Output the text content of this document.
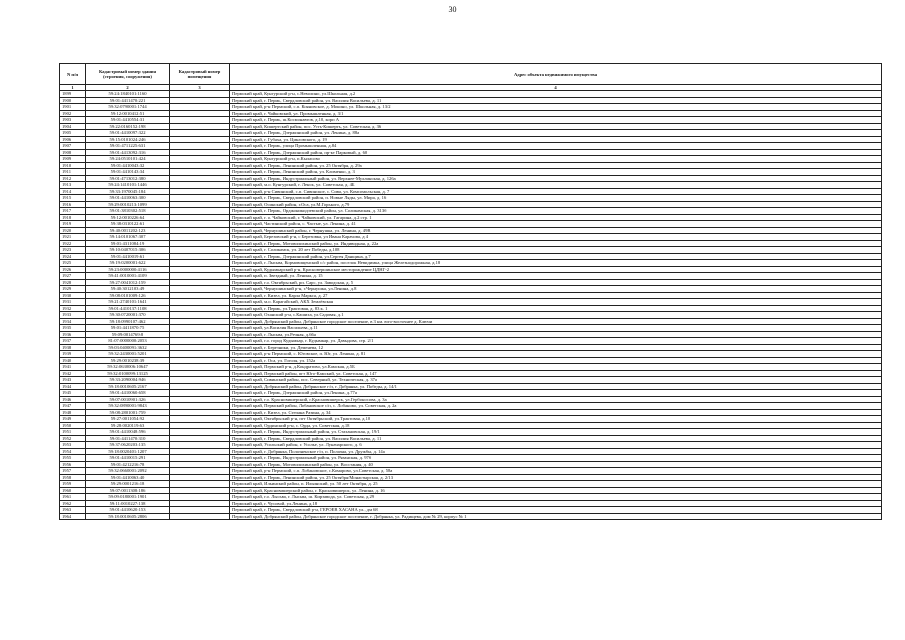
30
N п/п	Кадастровый номер здания (строения, сооружения)	Кадастровый номер помещения	Адрес объекта недвижимого имущества
1	2	3	4
1899	59:24:1840101:1160		Пермский край, Кунгурский р-н, с.Неволино, ул.Школьная, д.2
1900	59:01:4411470:221		Пермский край, г. Пермь, Свердловский район, ул. Василия Васильева, д. 11
1901	59:32:0790001:1744		Пермский край, р-н Пермский, с.п. Кояновское, д. Мокино, ул. Школьная, д. 13/2
1902	59:12:0010412:51		Пермский край, г. Чайковский, ул. Промышленная, д. 3/1
1903	59:01:4410554:31		Пермский край, г. Пермь, ш.Космонавтов, д.10, корп А
1904	59:22:0160152:198		Пермский край, Кишертский район, пос. Усть-Кишерть, ул. Советская, д. 36
1905	59:01:4410097:322		Пермский край, г. Пермь, Дзержинский район, ул. Ленина, д. 88а
1906	59:15:0101024:246		Пермский край, г. Губаха, ул. Цикловского, д. 19
1907	59:01:4711225:631		Пермский край, г. Пермь, улица Промышленная, д.84
1908	59:01:4413092:316		Пермский край, г. Пермь, Дзержинский район, пр-кт Парковый, д. 60
1909	59:24:0510101:424		Пермский край, Кунгурский р-н, п.Кыласово
1910	59:01:4410043:32		Пермский край, г. Пермь, Ленинский район, ул. 25 Октября, д. 29а
1911	59:01:4410143:34		Пермский край, г. Пермь, Ленинский район, ул. Клименко, д. 3
1912	59:01:4713012:380		Пермский край, г. Пермь, Индустриальный район, ул. Верхнее-Муллинская, д. 126а
1913	59:24:1410101:1446		Пермский край, м.о. Кунгурский, г. Ленск, ул. Советская, д. 4Б
1914	59:33:1970045:184		Пермский край, р-н Сивинский, с.п. Сивинское, с. Сива, ул. Комсомольская, д. 7
1915	59:01:4410063:300		Пермский край, г. Пермь, Свердловский район, п. Новые Ляды, ул. Мира, д. 16
1916	59:29:0010213:1099		Пермский край, Осинский район, г.Оса, ул.М.Горького, д.79
1917	59:01:3810302:518		Пермский край, г. Пермь, Орджоникидзевский район, ул. Соликамская, д. 313б
1918	59:12:0010226:64		Пермский край, г. о. Чайковский, г. Чайковский, ул. Гагарина, д.2 стр. 1
1919	59:38:0310122:61		Пермский край, Частинский район, с. Частые, ул. Ленина, д. 41
1920	59:40:0011202:123		Пермский край, Чернушинский район, г. Чернушка, ул. Ленина, д. 49В
1921	59:14:0101067:307		Пермский край, Березовский р-н, с Березовка, ул Ивана Карачова, д 4
1922	59:01:4311084:19		Пермский край, г. Пермь, Мотовилихинский район, ул. Индивидная, д. 22а
1923	59:10:0407015:306		Пермский край, г. Соликамск, ул. 20 лет Победы, д.108
1924	59:01:4410019:61		Пермский край, г. Пермь, Дзержинский район, ул.Сергея Данщина, д.7
1925	59:19:0200001:622		Пермский край, г. Лысьва, Кормовищенский с/с район, поселок Невидимка, улица Железнодорожная, д.18
1926	59:23:0000000:4116		Пермский край, Кудымкарский р-н, Красновершинское месторождение ЦДНГ-2
1927	59:41:0010001:4109		Пермский край, п. Звездный, ул. Ленина, д. 15
1928	59:27:0041012:159		Пермский край, г.о. Октябрьский, рп. Сарс, ул. Заводская, д. 5
1929	59:40:3012103:49		Пермский край, Чернушинский р-н, г.Чернушка, ул.Ленина, д.8
1930	59:08:0101009:126		Пермский край, г. Кизел, ул. Карла Маркса, д. 27
1931	59:21:2740101:1641		Пермский край, м.о. Карагайский, АКХ Землёвская
1932	59:01:4410137:1108		Пермский край, г. Пермь, ул.Трактовая, д. 83 к. 1
1933	59:30:0720001:370		Пермский край, Оханский р-н, с.Кашиха, ул.Садовая, д.1
1934	59:18:0990107:462		Пермский край, Добрянский район, Добрянское городское поселение, в 3 км. юго-восточнее д. Ключи
1935	59:01:4411870:75		Пермский край, ул.Василия Васильева, д.11
1936	59:09:0014769:8		Пермский край, г. Лысьва, ул.Речная, д.66а
1937	81:07:0000000:2053		Пермский край, г.о. город Кудымкар, г. Кудымкар, ул. Давыдова, стр. 2/1
1938	59:03:0400091:3632		Пермский край, г. Березники, ул. Деменева, 12
1939	59:32:2430001:5201		Пермский край, р-н Пермский, с. Юговское, п. Юг, ул. Ленина, д. 81
1940	59:29:0010238:39		Пермский край, г. Оса, ул. Гоголя, ул. 152а
1941	59:32:0630006:10647		Пермский край, Пермский р-н, д.Кондратово, ул.Камская, д.5Б
1942	59:32:0100099:13125		Пермский край, Пермский район, пгт Юго-Камский, ул. Советская, д. 147
1943	59:33:2090004:946		Пермский край, Сивинский район, пос. Северный, ул. Техническая, д. 37а
1944	59:18:0010605:2167		Пермский край, Добрянский район, Добрянское г/п, г. Добрянка, ул. Победы, д. 14/1
1945	59:01:4410060:658		Пермский край, г. Пермь, Дзержинский район, ул.Ленина, д.77а
1946	59:07:0010901:326		Пермский край, г.о. Красновишерский, г.Красновишерск, ул.Гербоносова, д. 3а
1947	59:32:0890001:9843		Пермский край, Пермский район, Лобановское с/п, с. Лобаново, ул. Советская, д. 2а
1948	59:08:2801001:759		Пермский край, г. Кизел, ул. Степана Разина, д. 34
1949	59:27:0011054:92		Пермский край, Октябрьский р-н, пгт Октябрьский, ул.Трактовая, д.10
1950	59:28:0020119:63		Пермский край, Ординский р-н, с. Орда, ул. Советская, д.18
1951	59:01:4410048:596		Пермский край, г. Пермь, Индустриальный район, ул. Стахановская, д. 19/1
1952	59:01:4411470:310		Пермский край, г. Пермь, Свердловский район, ул. Василия Васильева, д. 11
1953	59:37:0620203:135		Пермский край, Усольский район, г. Усолье, ул. Луначарского, д. 6
1954	59:18:0020401:1207		Пермский край, г. Добрянка, Полазненское г/п, п. Полазна, ул. Дружбы, д. 14а
1955	59:01:4410015:291		Пермский край, г. Пермь, Индустриальный район, ул. Рязанская, д. 97б
1956	59:01:4212216:78		Пермский край, г. Пермь, Мотовилихинский район, ул. Восстания, д. 40
1957	59:32:0660001:2092		Пермский край, р-н Пермский, с.п. Лобановское, с.Комарово, ул.Советская, д. 58а
1958	59:01:4410063:40		Пермский край, г. Пермь, Ленинский район, ул. 25 Октября/Монастырская, д. 2/13
1959	59:29:0001216:18		Пермский край, Ильинский район, п. Ильинский, ул. 50 лет Октября, д. 25
1960	59:07:0011308:186		Пермский край, Красновишерский район, г. Красновишерск, ул. Ленина, д. 16
1961	59:09:0180001:1901		Пермский край, г.о. Лысьва, г. Лысьва, ш. Кирзавода, ул. Советская, д.29
1962	59:11:0010227:138		Пермский край, г. Чусовой, ул.Ленина, д.18
1963	59:01:4410620:153		Пермский край, г. Пермь, Свердловский р-н, ГЕРОЕВ ХАСАНА ул., дм 68
1964	59:18:0010605:2806		Пермский край, Добрянский район, Добрянское городское поселение, г. Добрянка, ул. Радищева, дом № 29, корпус № 1
